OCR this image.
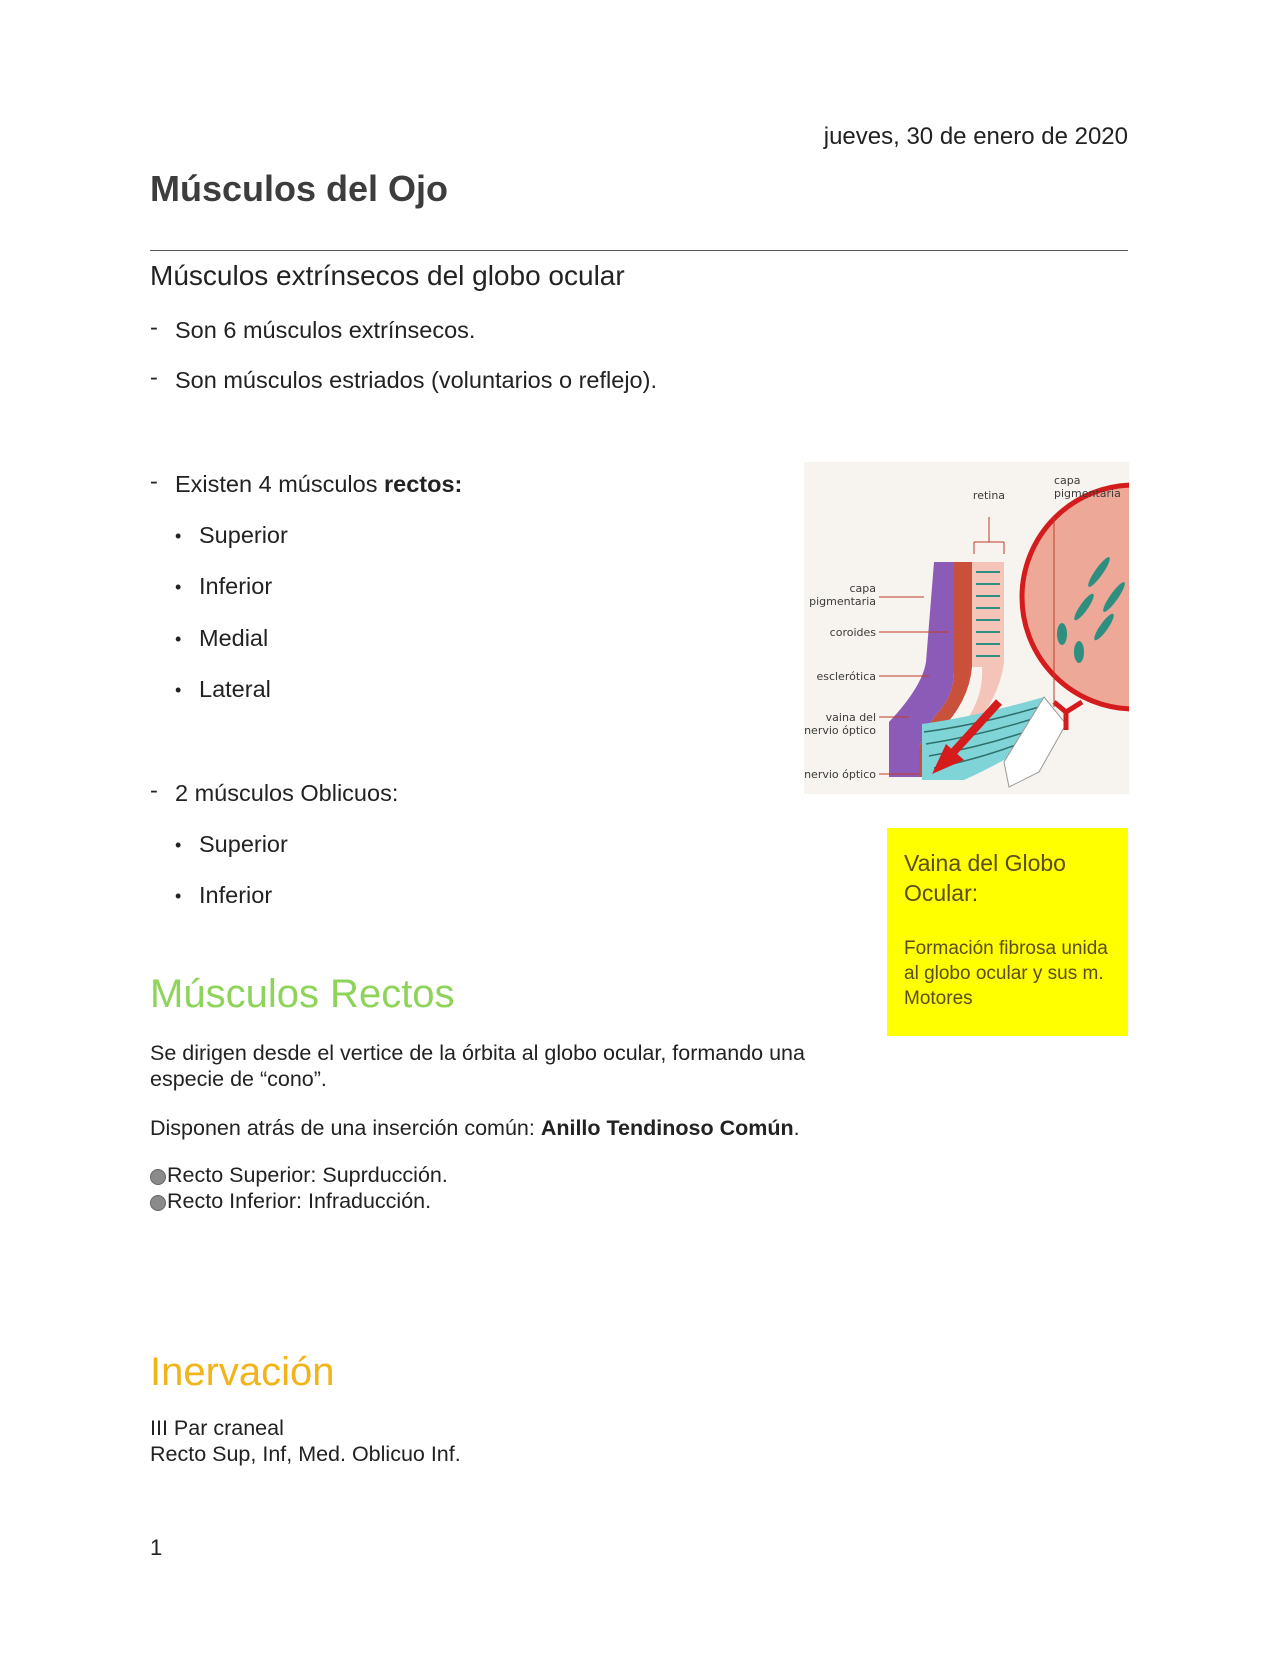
jueves, 30 de enero de 2020
Músculos del Ojo
Músculos extrínsecos del globo ocular
- Son 6 músculos extrínsecos.
- Son músculos estriados (voluntarios o reflejo).
- Existen 4 músculos rectos:
• Superior
• Inferior
• Medial
• Lateral
- 2 músculos Oblicuos:
• Superior
• Inferior
retina
capa
pigmentaria
capa
pigmentaria
coroides
esclerótica
vaina del
nervio óptico
nervio óptico
Vaina del Globo Ocular:
Formación fibrosa unida al globo ocular y sus m. Motores
Músculos Rectos
Se dirigen desde el vertice de la órbita al globo ocular, formando una especie de “cono”.
Disponen atrás de una inserción común: Anillo Tendinoso Común.
Recto Superior: Suprducción.
Recto Inferior: Infraducción.
Inervación
III Par craneal
Recto Sup, Inf, Med. Oblicuo Inf.
1
